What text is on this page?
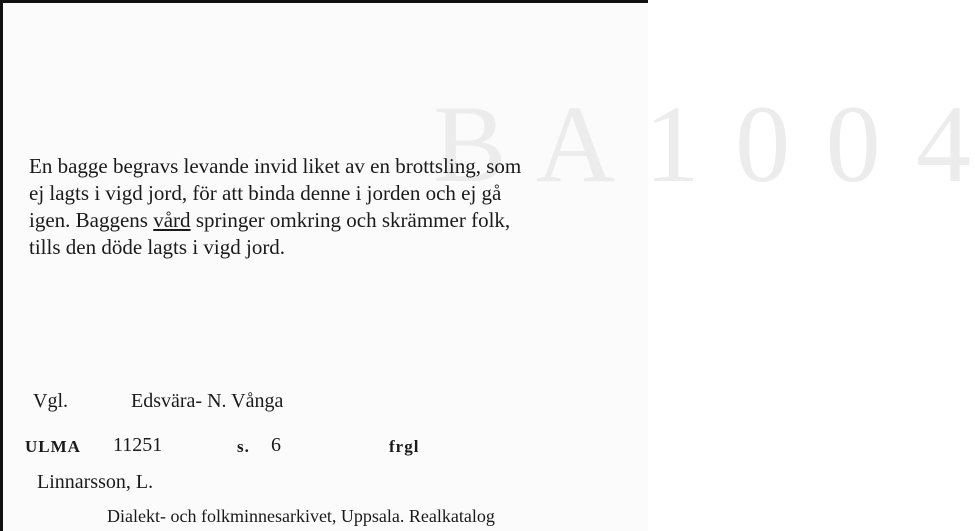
B A 1 0 0 4

En bagge begravs levande invid liket av en brottsling, som

ej lagts i vigd jord, för att binda denne i jorden och ej gå

igen. Baggens vård springer omkring och skrämmer folk,

tills den döde lagts i vigd jord.

Vgl.	Edsvära- N. Vånga
ULMA 11251	s. 6	frgl
Linnarsson, L.
Dialekt- och folkminnesarkivet, Uppsala. Realkatalog
